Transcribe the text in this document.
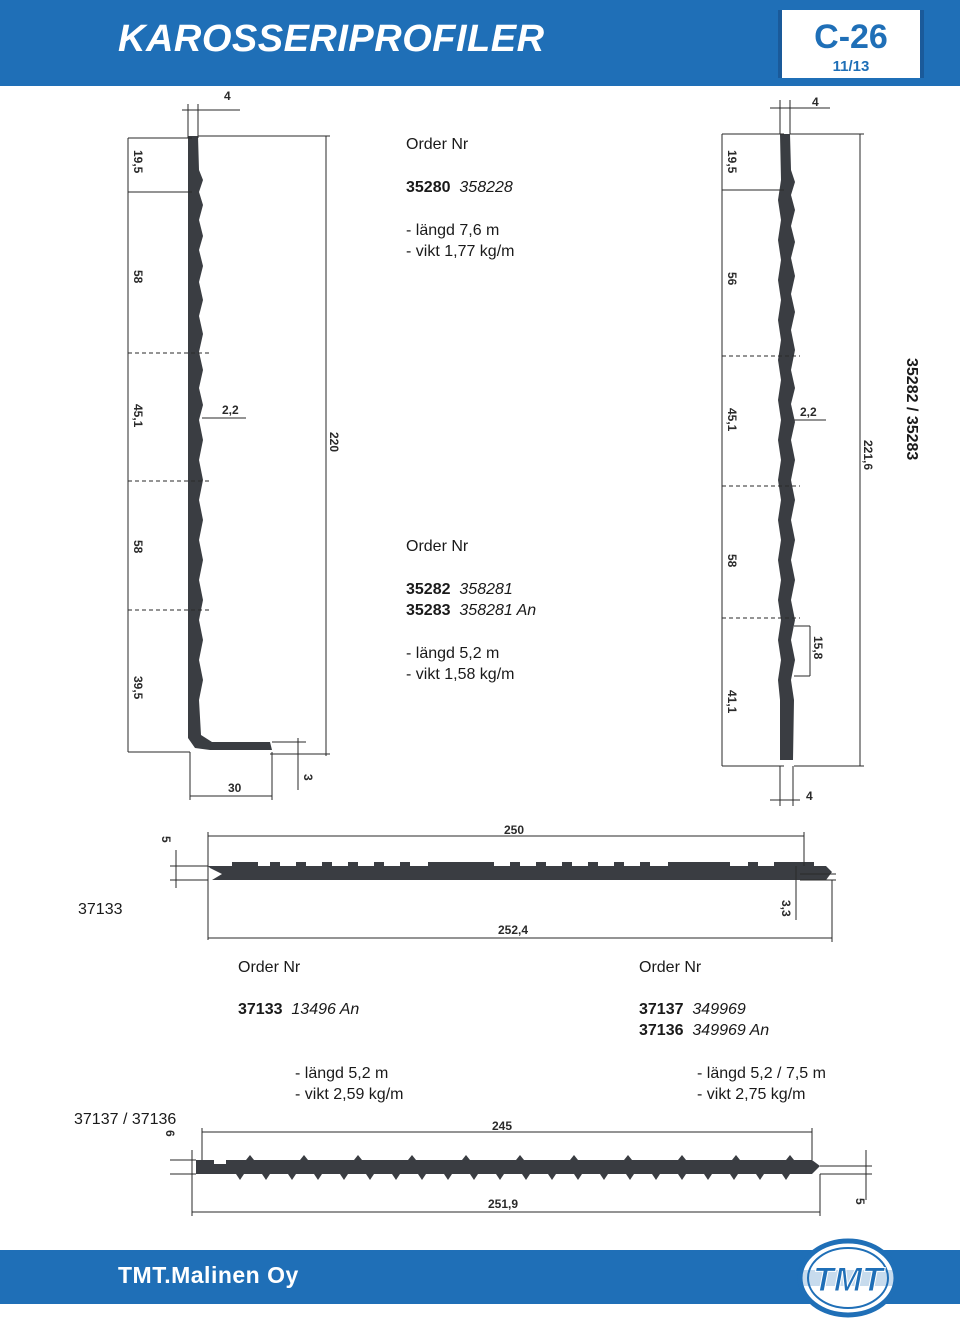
KAROSSERIPROFILER	C-26
11/13
4
19,5
58
45,1	2,2
220
58
39,5
30
3
4
19,5
56
45,1	2,2
221,6
58
15,8
41,1
4
250
5
3,3
252,4
245
6
251,9	5
Order Nr
35280 358228
- längd 7,6 m
- vikt 1,77 kg/m
35282 / 35283
Order Nr
35282 358281
35283 358281 An
- längd 5,2 m
- vikt 1,58 kg/m
37133
Order Nr
37133 13496 An
- längd 5,2 m
- vikt 2,59 kg/m
37137 / 37136
Order Nr
37137 349969
37136 349969 An
- längd 5,2 / 7,5 m
- vikt 2,75 kg/m
TMT.Malinen Oy	TMT
